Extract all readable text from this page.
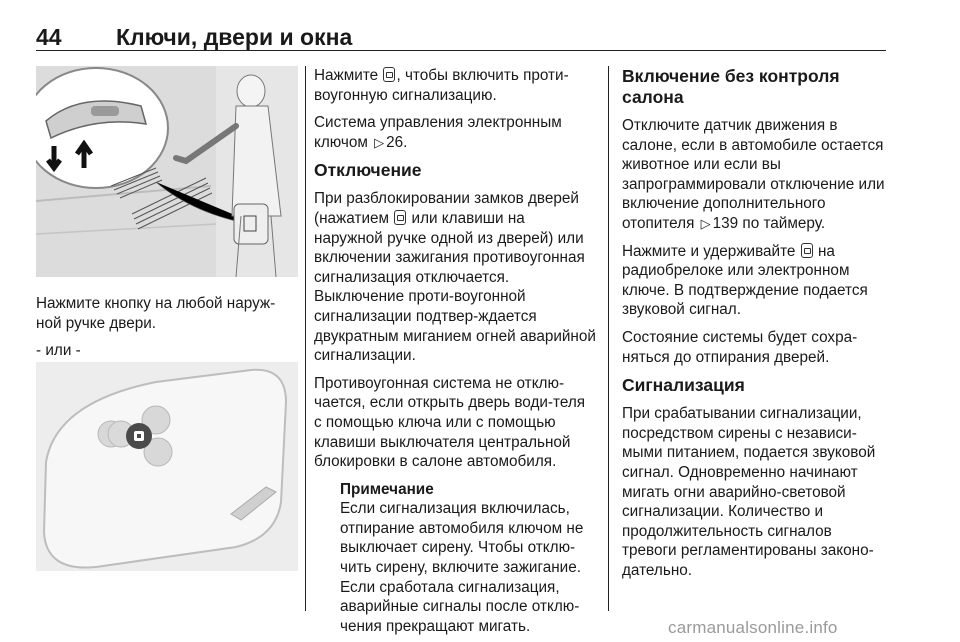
44 Ключи, двери и окна

Нажмите кнопку на любой наруж-ной ручке двери.

- или -

Нажмите , чтобы включить проти-воугонную сигнализацию.

Система управления электронным ключом ▷ 26.

Отключение

При разблокировании замков дверей (нажатием  или клавиши на наружной ручке одной из дверей) или включении зажигания противоугонная сигнализация отключается. Выключение проти-воугонной сигнализации подтвер-ждается двукратным миганием огней аварийной сигнализации.

Противоугонная система не отклю-чается, если открыть дверь води-теля с помощью ключа или с помощью клавиши выключателя центральной блокировки в салоне автомобиля.

Примечание
Если сигнализация включилась, отпирание автомобиля ключом не выключает сирену. Чтобы отклю-чить сирену, включите зажигание. Если сработала сигнализация, аварийные сигналы после отклю-чения прекращают мигать.
Включение без контроля салона

Отключите датчик движения в салоне, если в автомобиле остается животное или если вы запрограммировали отключение или включение дополнительного отопителя ▷ 139 по таймеру.

Нажмите и удерживайте  на радиобрелоке или электронном ключе. В подтверждение подается звуковой сигнал.

Состояние системы будет сохра-няться до отпирания дверей.

Сигнализация

При срабатывании сигнализации, посредством сирены с независи-мыми питанием, подается звуковой сигнал. Одновременно начинают мигать огни аварийно-световой сигнализации. Количество и продолжительность сигналов тревоги регламентированы законо-дательно.

carmanualsonline.info
